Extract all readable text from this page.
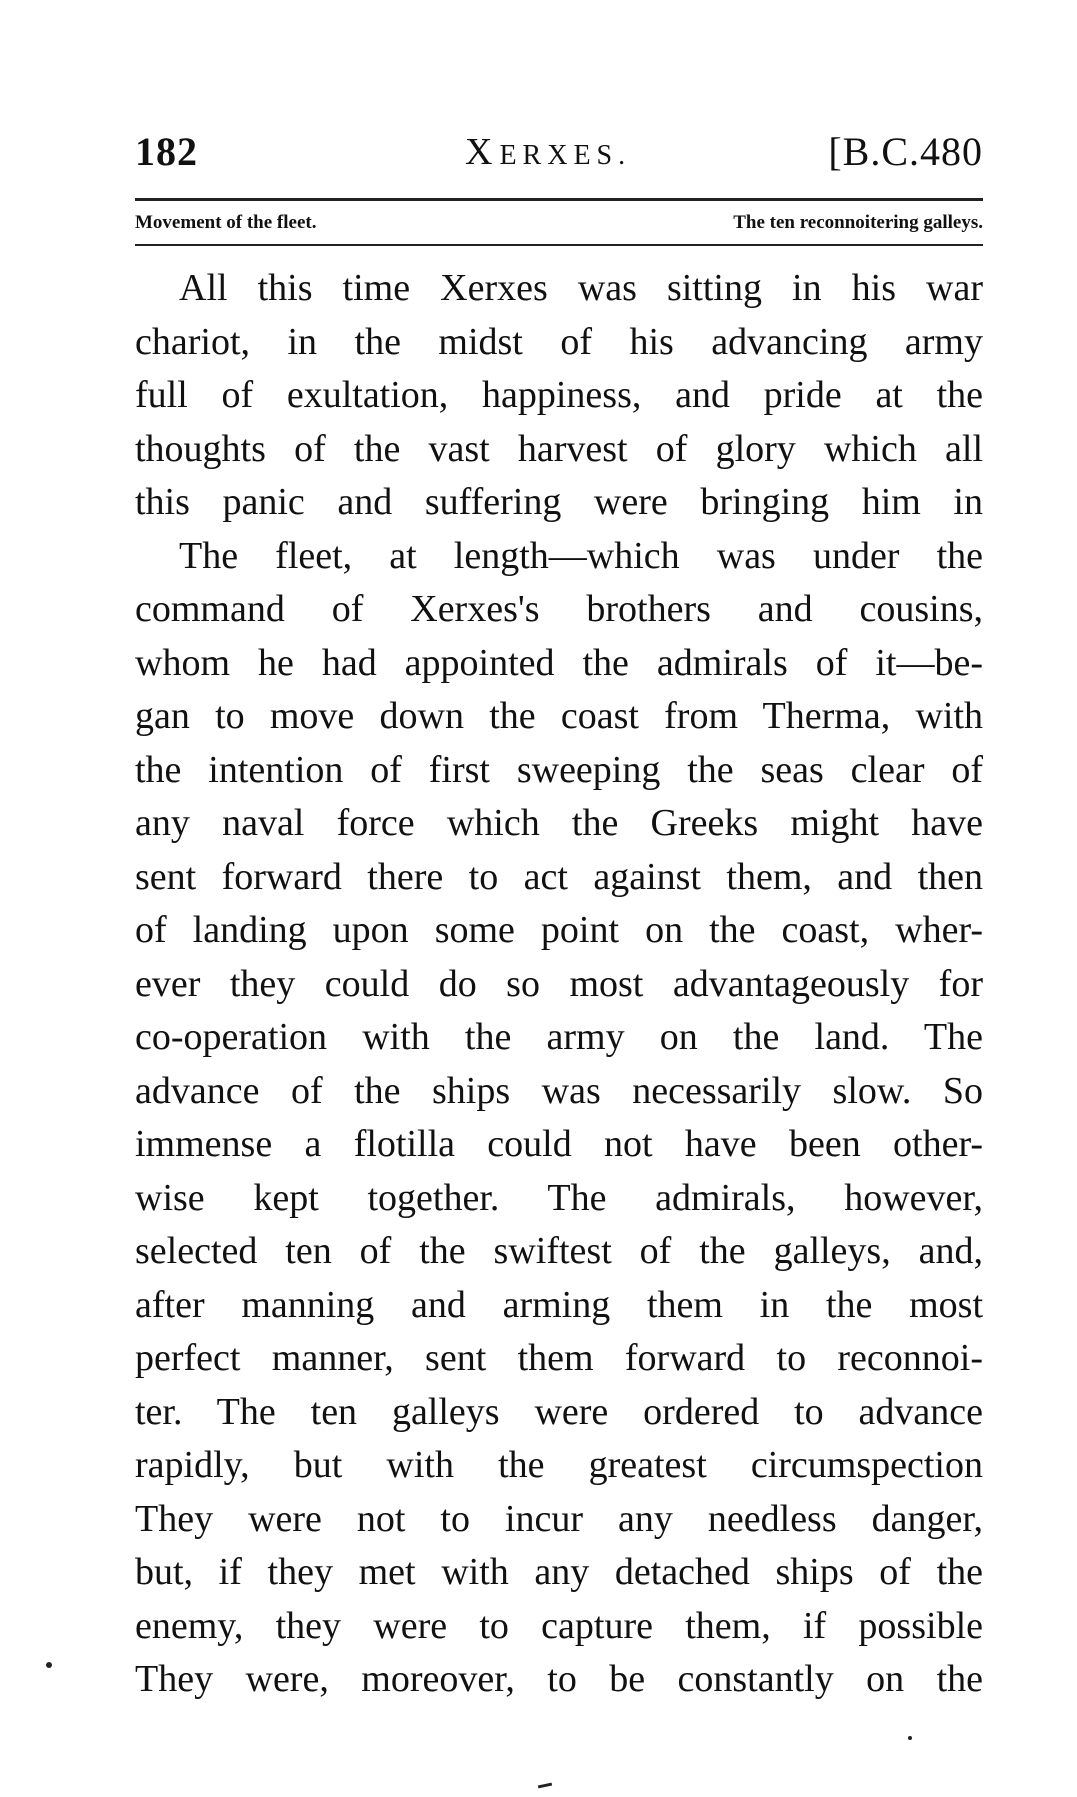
182	XERXES.	[B.C.480
Movement of the fleet.	The ten reconnoitering galleys.
All this time Xerxes was sitting in his war
chariot, in the midst of his advancing army
full of exultation, happiness, and pride at the
thoughts of the vast harvest of glory which all
this panic and suffering were bringing him in
The fleet, at length—which was under the
command of Xerxes's brothers and cousins,
whom he had appointed the admirals of it—be-
gan to move down the coast from Therma, with
the intention of first sweeping the seas clear of
any naval force which the Greeks might have
sent forward there to act against them, and then
of landing upon some point on the coast, wher-
ever they could do so most advantageously for
co-operation with the army on the land. The
advance of the ships was necessarily slow. So
immense a flotilla could not have been other-
wise kept together. The admirals, however,
selected ten of the swiftest of the galleys, and,
after manning and arming them in the most
perfect manner, sent them forward to reconnoi-
ter. The ten galleys were ordered to advance
rapidly, but with the greatest circumspection
They were not to incur any needless danger,
but, if they met with any detached ships of the
enemy, they were to capture them, if possible
They were, moreover, to be constantly on the
